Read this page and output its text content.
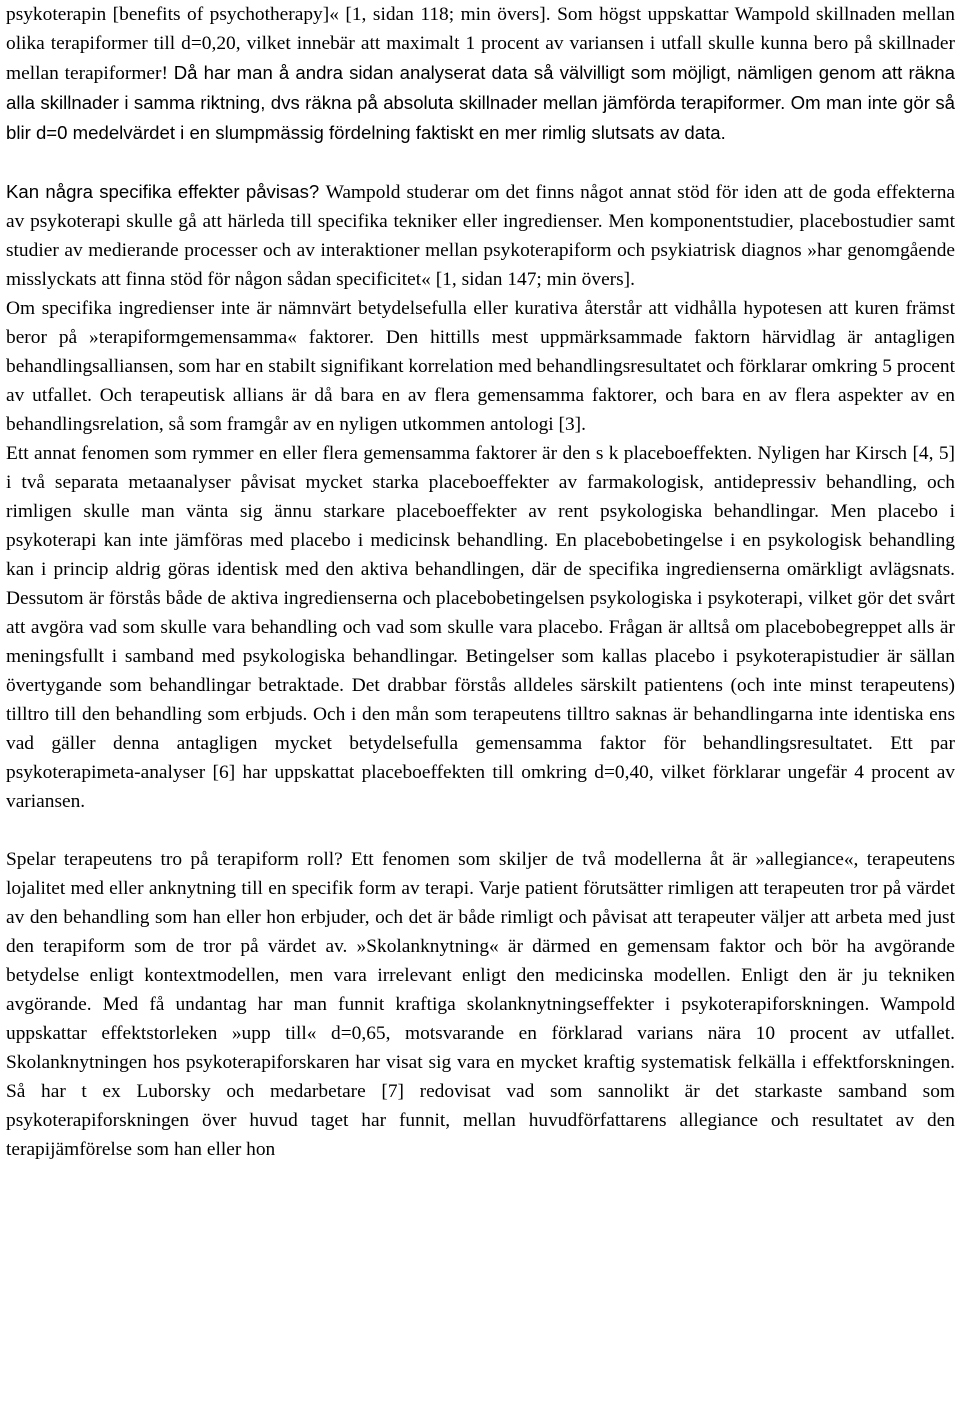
psykoterapin [benefits of psychotherapy]« [1, sidan 118; min övers]. Som högst uppskattar Wampold skillnaden mellan olika terapiformer till d=0,20, vilket innebär att maximalt 1 procent av variansen i utfall skulle kunna bero på skillnader mellan terapiformer! Då har man å andra sidan analyserat data så välvilligt som möjligt, nämligen genom att räkna alla skillnader i samma riktning, dvs räkna på absoluta skillnader mellan jämförda terapiformer. Om man inte gör så blir d=0 medelvärdet i en slumpmässig fördelning faktiskt en mer rimlig slutsats av data.

Kan några specifika effekter påvisas? Wampold studerar om det finns något annat stöd för iden att de goda effekterna av psykoterapi skulle gå att härleda till specifika tekniker eller ingredienser. Men komponentstudier, placebostudier samt studier av medierande processer och av interaktioner mellan psykoterapiform och psykiatrisk diagnos »har genomgående misslyckats att finna stöd för någon sådan specificitet« [1, sidan 147; min övers].

Om specifika ingredienser inte är nämnvärt betydelsefulla eller kurativa återstår att vidhålla hypotesen att kuren främst beror på »terapiformgemensamma« faktorer. Den hittills mest uppmärksammade faktorn härvidlag är antagligen behandlingsalliansen, som har en stabilt signifikant korrelation med behandlingsresultatet och förklarar omkring 5 procent av utfallet. Och terapeutisk allians är då bara en av flera gemensamma faktorer, och bara en av flera aspekter av en behandlingsrelation, så som framgår av en nyligen utkommen antologi [3].

Ett annat fenomen som rymmer en eller flera gemensamma faktorer är den s k placeboeffekten. Nyligen har Kirsch [4, 5] i två separata metaanalyser påvisat mycket starka placeboeffekter av farmakologisk, antidepressiv behandling, och rimligen skulle man vänta sig ännu starkare placeboeffekter av rent psykologiska behandlingar. Men placebo i psykoterapi kan inte jämföras med placebo i medicinsk behandling. En placebobetingelse i en psykologisk behandling kan i princip aldrig göras identisk med den aktiva behandlingen, där de specifika ingredienserna omärkligt avlägsnats. Dessutom är förstås både de aktiva ingredienserna och placebobetingelsen psykologiska i psykoterapi, vilket gör det svårt att avgöra vad som skulle vara behandling och vad som skulle vara placebo. Frågan är alltså om placebobegreppet alls är meningsfullt i samband med psykologiska behandlingar. Betingelser som kallas placebo i psykoterapistudier är sällan övertygande som behandlingar betraktade. Det drabbar förstås alldeles särskilt patientens (och inte minst terapeutens) tilltro till den behandling som erbjuds. Och i den mån som terapeutens tilltro saknas är behandlingarna inte identiska ens vad gäller denna antagligen mycket betydelsefulla gemensamma faktor för behandlingsresultatet. Ett par psykoterapimeta-analyser [6] har uppskattat placeboeffekten till omkring d=0,40, vilket förklarar ungefär 4 procent av variansen.

Spelar terapeutens tro på terapiform roll? Ett fenomen som skiljer de två modellerna åt är »allegiance«, terapeutens lojalitet med eller anknytning till en specifik form av terapi. Varje patient förutsätter rimligen att terapeuten tror på värdet av den behandling som han eller hon erbjuder, och det är både rimligt och påvisat att terapeuter väljer att arbeta med just den terapiform som de tror på värdet av. »Skolanknytning« är därmed en gemensam faktor och bör ha avgörande betydelse enligt kontextmodellen, men vara irrelevant enligt den medicinska modellen. Enligt den är ju tekniken avgörande. Med få undantag har man funnit kraftiga skolanknytningseffekter i psykoterapiforskningen. Wampold uppskattar effektstorleken »upp till« d=0,65, motsvarande en förklarad varians nära 10 procent av utfallet. Skolanknytningen hos psykoterapiforskaren har visat sig vara en mycket kraftig systematisk felkälla i effektforskningen. Så har t ex Luborsky och medarbetare [7] redovisat vad som sannolikt är det starkaste samband som psykoterapiforskningen över huvud taget har funnit, mellan huvudförfattarens allegiance och resultatet av den terapijämförelse som han eller hon
